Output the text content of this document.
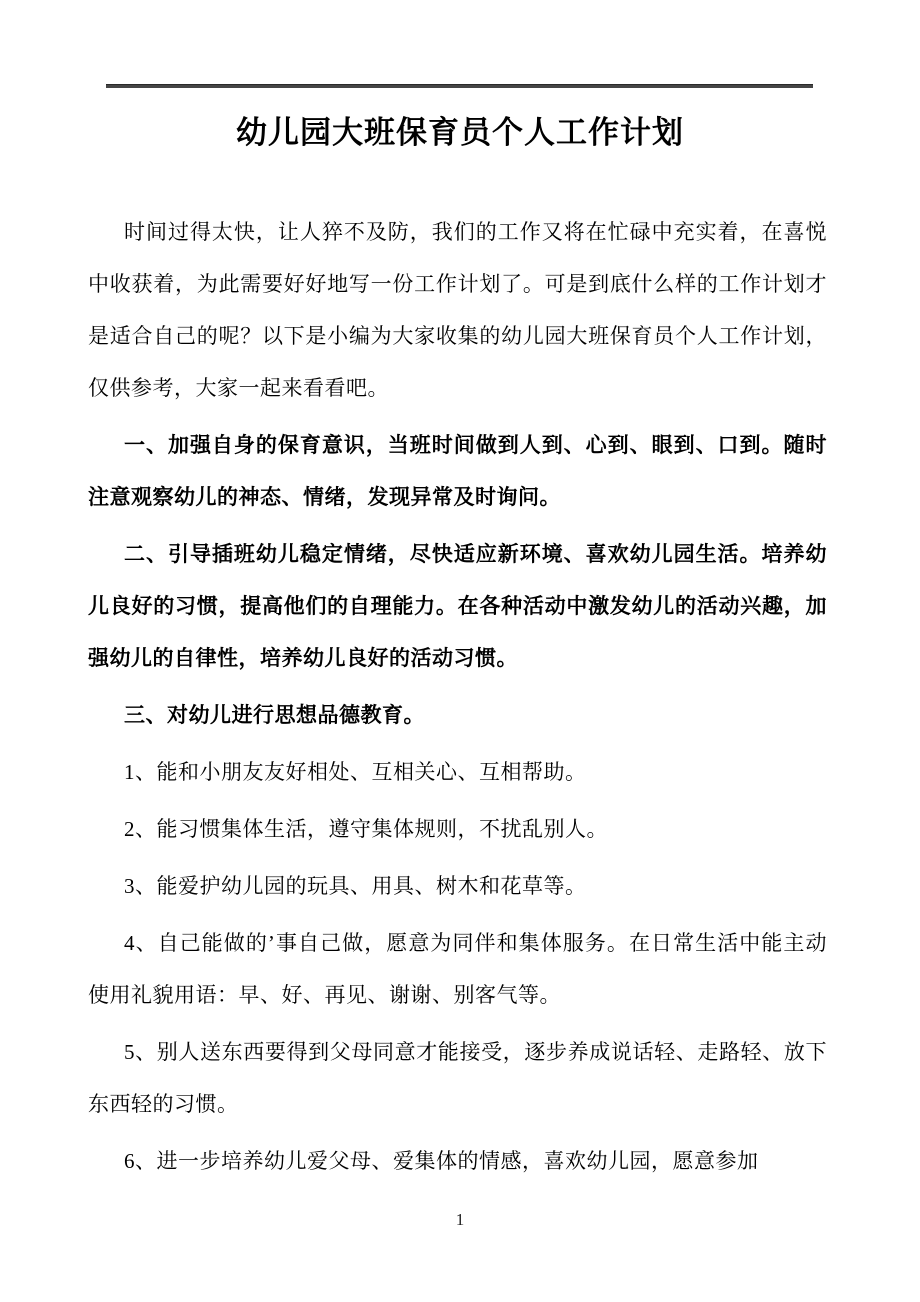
幼儿园大班保育员个人工作计划

时间过得太快，让人猝不及防，我们的工作又将在忙碌中充实着，在喜悦中收获着，为此需要好好地写一份工作计划了。可是到底什么样的工作计划才是适合自己的呢？以下是小编为大家收集的幼儿园大班保育员个人工作计划，仅供参考，大家一起来看看吧。

一、加强自身的保育意识，当班时间做到人到、心到、眼到、口到。随时注意观察幼儿的神态、情绪，发现异常及时询问。

二、引导插班幼儿稳定情绪，尽快适应新环境、喜欢幼儿园生活。培养幼儿良好的习惯，提高他们的自理能力。在各种活动中激发幼儿的活动兴趣，加强幼儿的自律性，培养幼儿良好的活动习惯。

三、对幼儿进行思想品德教育。

1、能和小朋友友好相处、互相关心、互相帮助。

2、能习惯集体生活，遵守集体规则，不扰乱别人。

3、能爱护幼儿园的玩具、用具、树木和花草等。

4、自己能做的’事自己做，愿意为同伴和集体服务。在日常生活中能主动使用礼貌用语：早、好、再见、谢谢、别客气等。

5、别人送东西要得到父母同意才能接受，逐步养成说话轻、走路轻、放下东西轻的习惯。

6、进一步培养幼儿爱父母、爱集体的情感，喜欢幼儿园，愿意参加

1
